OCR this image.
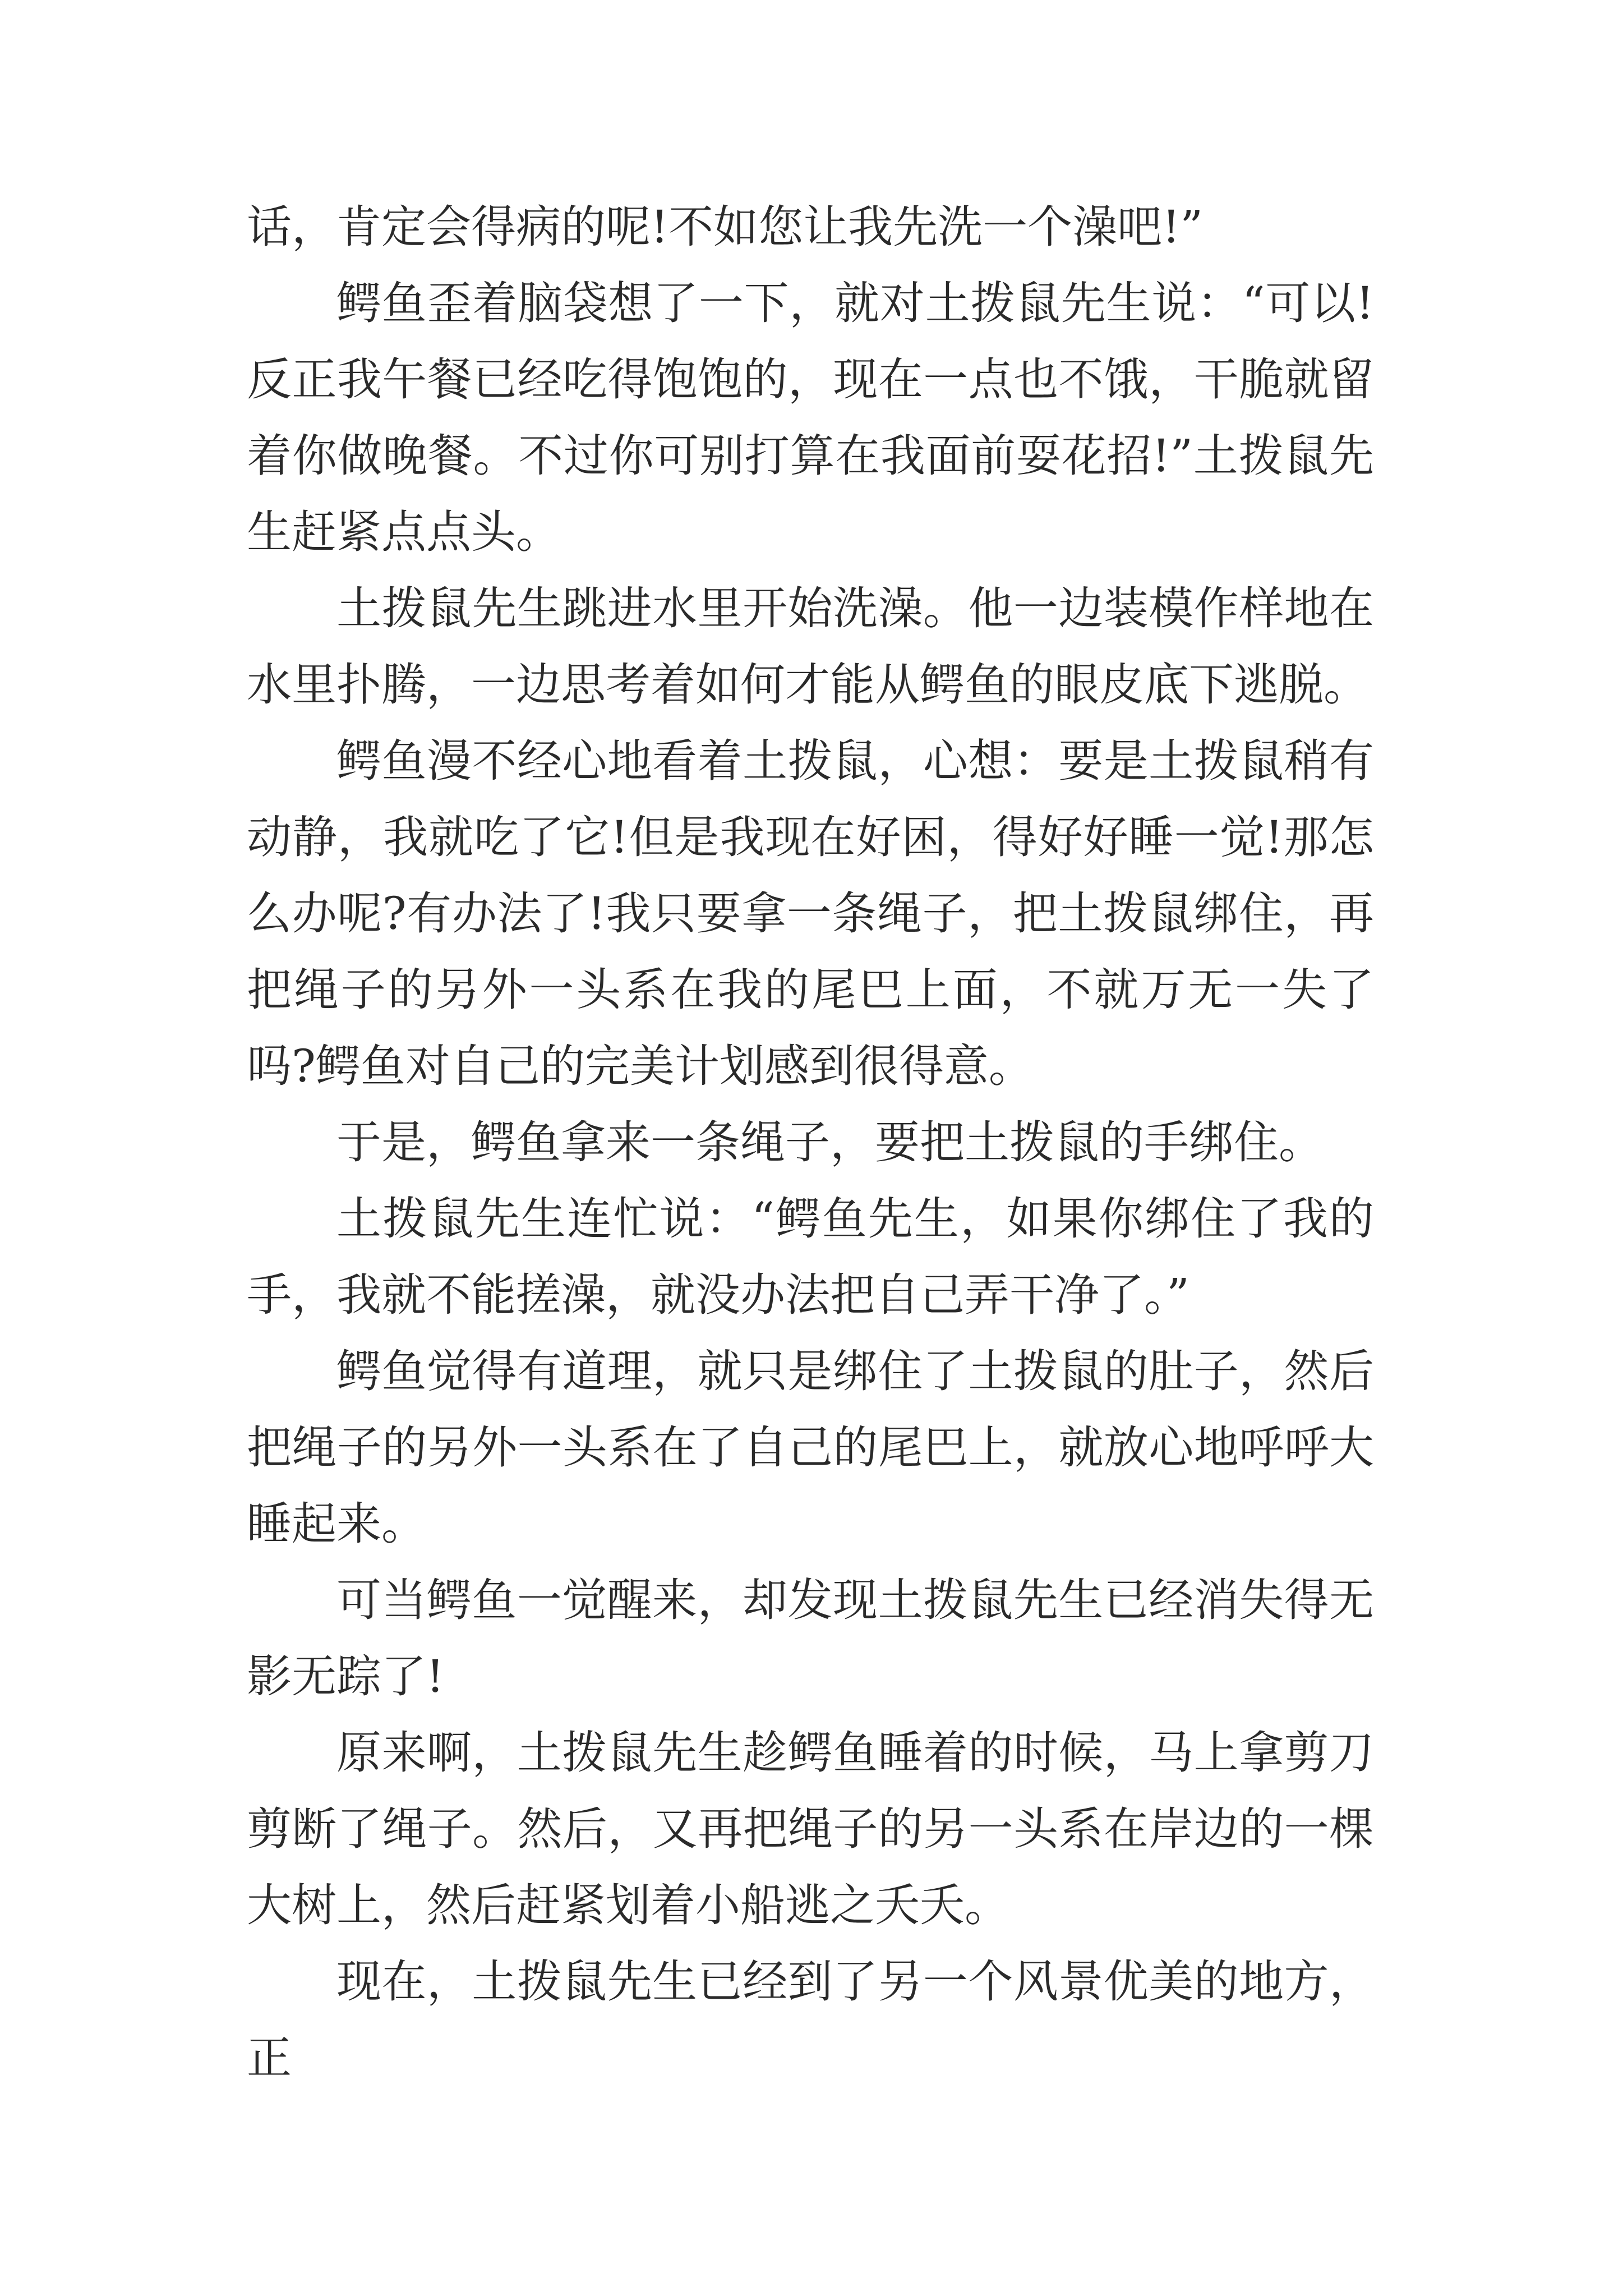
话，肯定会得病的呢!不如您让我先洗一个澡吧!”

鳄鱼歪着脑袋想了一下，就对土拨鼠先生说：“可以!反正我午餐已经吃得饱饱的，现在一点也不饿，干脆就留着你做晚餐。不过你可别打算在我面前耍花招!”土拨鼠先生赶紧点点头。

土拨鼠先生跳进水里开始洗澡。他一边装模作样地在水里扑腾，一边思考着如何才能从鳄鱼的眼皮底下逃脱。

鳄鱼漫不经心地看着土拨鼠，心想：要是土拨鼠稍有动静，我就吃了它!但是我现在好困，得好好睡一觉!那怎么办呢?有办法了!我只要拿一条绳子，把土拨鼠绑住，再把绳子的另外一头系在我的尾巴上面，不就万无一失了吗?鳄鱼对自己的完美计划感到很得意。

于是，鳄鱼拿来一条绳子，要把土拨鼠的手绑住。

土拨鼠先生连忙说：“鳄鱼先生，如果你绑住了我的手，我就不能搓澡，就没办法把自己弄干净了。”

鳄鱼觉得有道理，就只是绑住了土拨鼠的肚子，然后把绳子的另外一头系在了自己的尾巴上，就放心地呼呼大睡起来。

可当鳄鱼一觉醒来，却发现土拨鼠先生已经消失得无影无踪了!

原来啊，土拨鼠先生趁鳄鱼睡着的时候，马上拿剪刀剪断了绳子。然后，又再把绳子的另一头系在岸边的一棵大树上，然后赶紧划着小船逃之夭夭。

现在，土拨鼠先生已经到了另一个风景优美的地方，正
